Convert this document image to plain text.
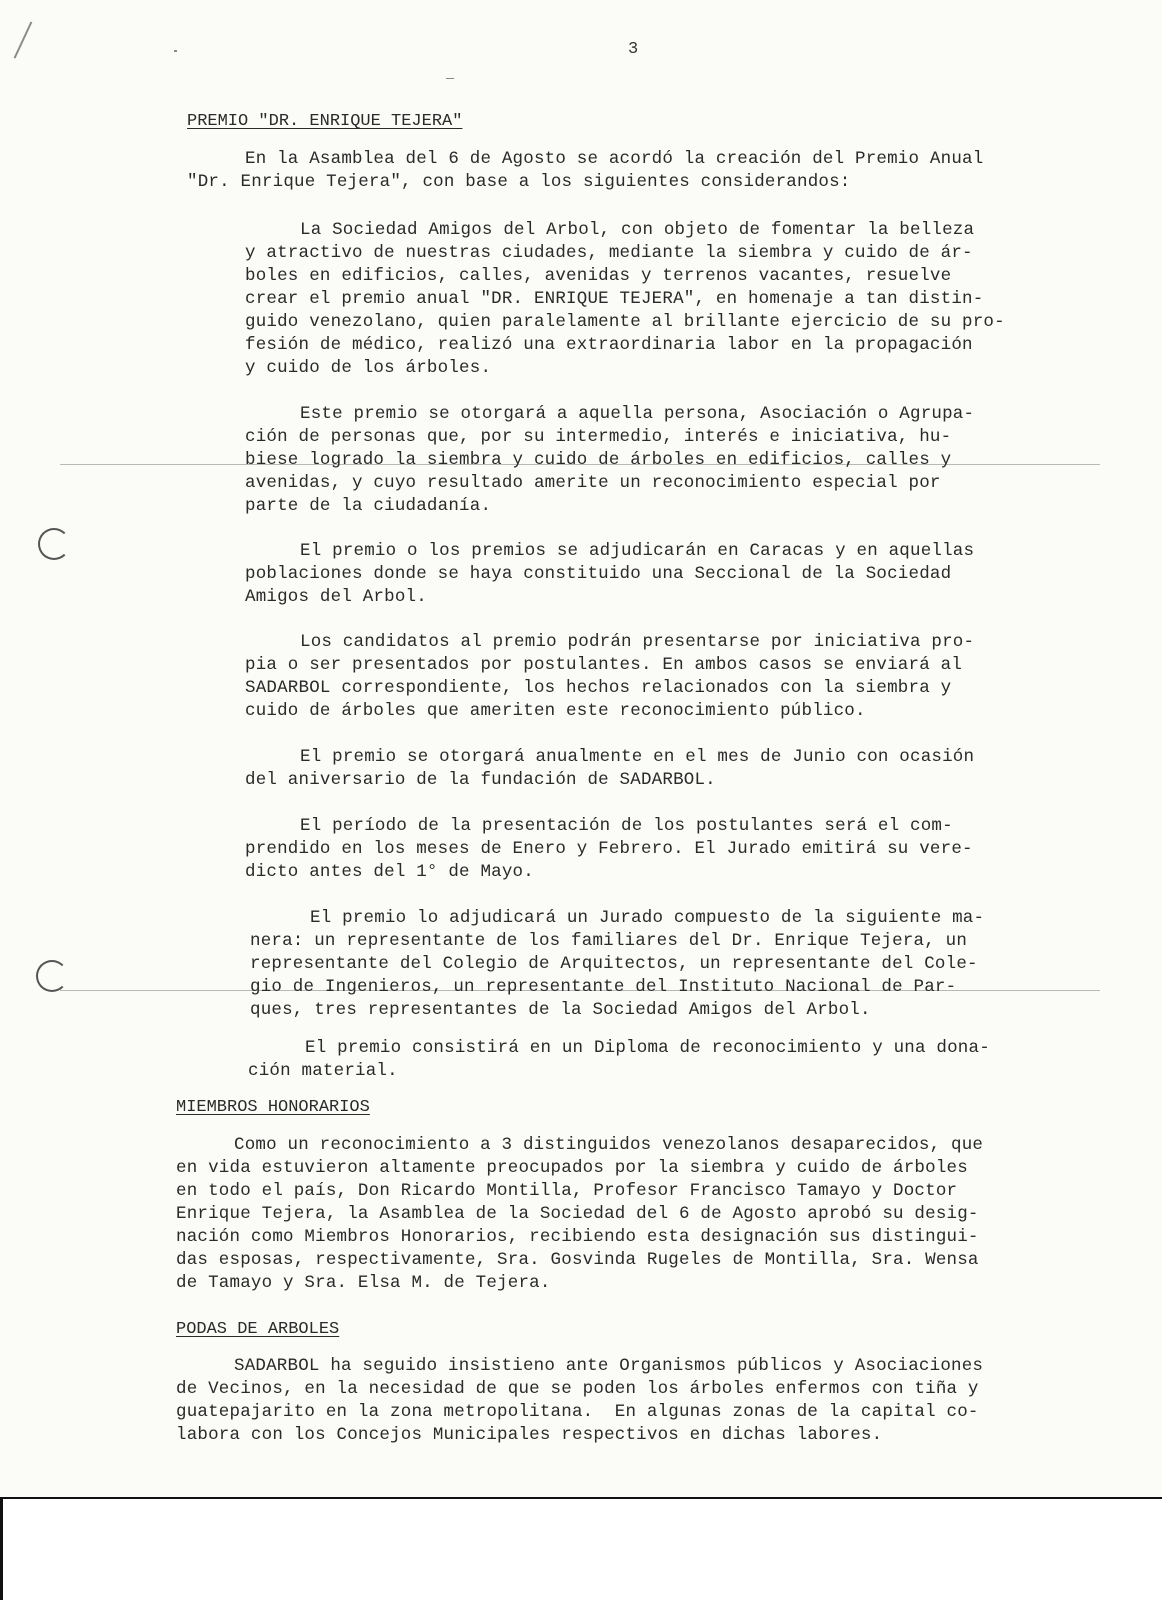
3
PREMIO "DR. ENRIQUE TEJERA"
En la Asamblea del 6 de Agosto se acordó la creación del Premio Anual
"Dr. Enrique Tejera", con base a los siguientes considerandos:
La Sociedad Amigos del Arbol, con objeto de fomentar la belleza
y atractivo de nuestras ciudades, mediante la siembra y cuido de ár-
boles en edificios, calles, avenidas y terrenos vacantes, resuelve
crear el premio anual "DR. ENRIQUE TEJERA", en homenaje a tan distin-
guido venezolano, quien paralelamente al brillante ejercicio de su pro-
fesión de médico, realizó una extraordinaria labor en la propagación
y cuido de los árboles.
Este premio se otorgará a aquella persona, Asociación o Agrupa-
ción de personas que, por su intermedio, interés e iniciativa, hu-
biese logrado la siembra y cuido de árboles en edificios, calles y
avenidas, y cuyo resultado amerite un reconocimiento especial por
parte de la ciudadanía.
El premio o los premios se adjudicarán en Caracas y en aquellas
poblaciones donde se haya constituido una Seccional de la Sociedad
Amigos del Arbol.
Los candidatos al premio podrán presentarse por iniciativa pro-
pia o ser presentados por postulantes. En ambos casos se enviará al
SADARBOL correspondiente, los hechos relacionados con la siembra y
cuido de árboles que ameriten este reconocimiento público.
El premio se otorgará anualmente en el mes de Junio con ocasión
del aniversario de la fundación de SADARBOL.
El período de la presentación de los postulantes será el com-
prendido en los meses de Enero y Febrero. El Jurado emitirá su vere-
dicto antes del 1° de Mayo.
El premio lo adjudicará un Jurado compuesto de la siguiente ma-
nera: un representante de los familiares del Dr. Enrique Tejera, un
representante del Colegio de Arquitectos, un representante del Cole-
gio de Ingenieros, un representante del Instituto Nacional de Par-
ques, tres representantes de la Sociedad Amigos del Arbol.
El premio consistirá en un Diploma de reconocimiento y una dona-
ción material.
MIEMBROS HONORARIOS
Como un reconocimiento a 3 distinguidos venezolanos desaparecidos, que
en vida estuvieron altamente preocupados por la siembra y cuido de árboles
en todo el país, Don Ricardo Montilla, Profesor Francisco Tamayo y Doctor
Enrique Tejera, la Asamblea de la Sociedad del 6 de Agosto aprobó su desig-
nación como Miembros Honorarios, recibiendo esta designación sus distingui-
das esposas, respectivamente, Sra. Gosvinda Rugeles de Montilla, Sra. Wensa
de Tamayo y Sra. Elsa M. de Tejera.
PODAS DE ARBOLES
SADARBOL ha seguido insistieno ante Organismos públicos y Asociaciones
de Vecinos, en la necesidad de que se poden los árboles enfermos con tiña y
guatepajarito en la zona metropolitana.  En algunas zonas de la capital co-
labora con los Concejos Municipales respectivos en dichas labores.
